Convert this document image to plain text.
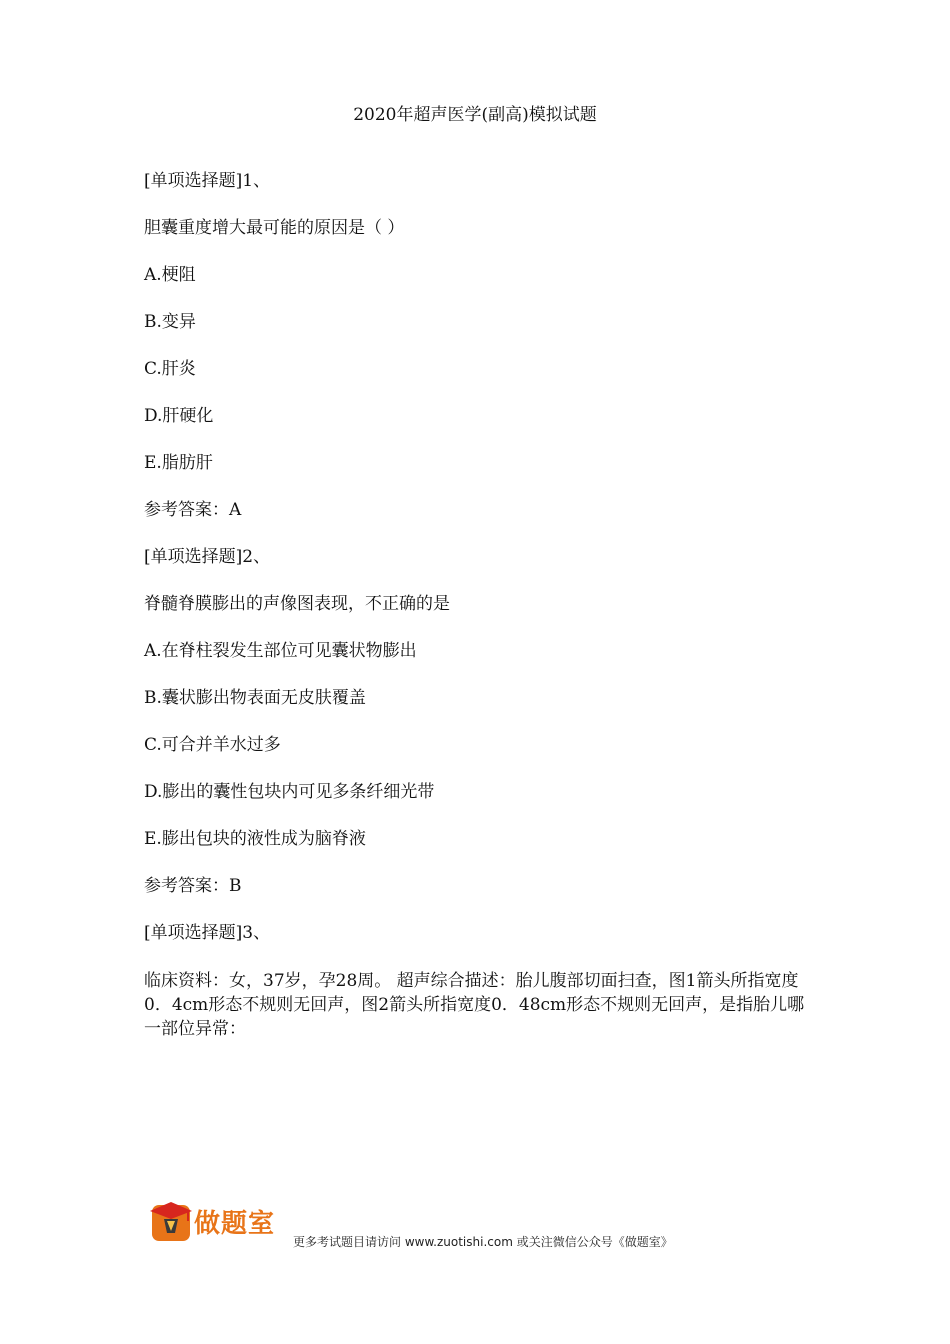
2020年超声医学(副高)模拟试题
[单项选择题]1、
胆囊重度增大最可能的原因是（ ）
A.梗阻
B.变异
C.肝炎
D.肝硬化
E.脂肪肝
参考答案：A
[单项选择题]2、
脊髓脊膜膨出的声像图表现，不正确的是
A.在脊柱裂发生部位可见囊状物膨出
B.囊状膨出物表面无皮肤覆盖
C.可合并羊水过多
D.膨出的囊性包块内可见多条纤细光带
E.膨出包块的液性成为脑脊液
参考答案：B
[单项选择题]3、
临床资料：女，37岁，孕28周。 超声综合描述：胎儿腹部切面扫查，图1箭头所指宽度0．4cm形态不规则无回声，图2箭头所指宽度0．48cm形态不规则无回声，是指胎儿哪一部位异常：
做题室
更多考试题目请访问 www.zuotishi.com 或关注微信公众号《做题室》
